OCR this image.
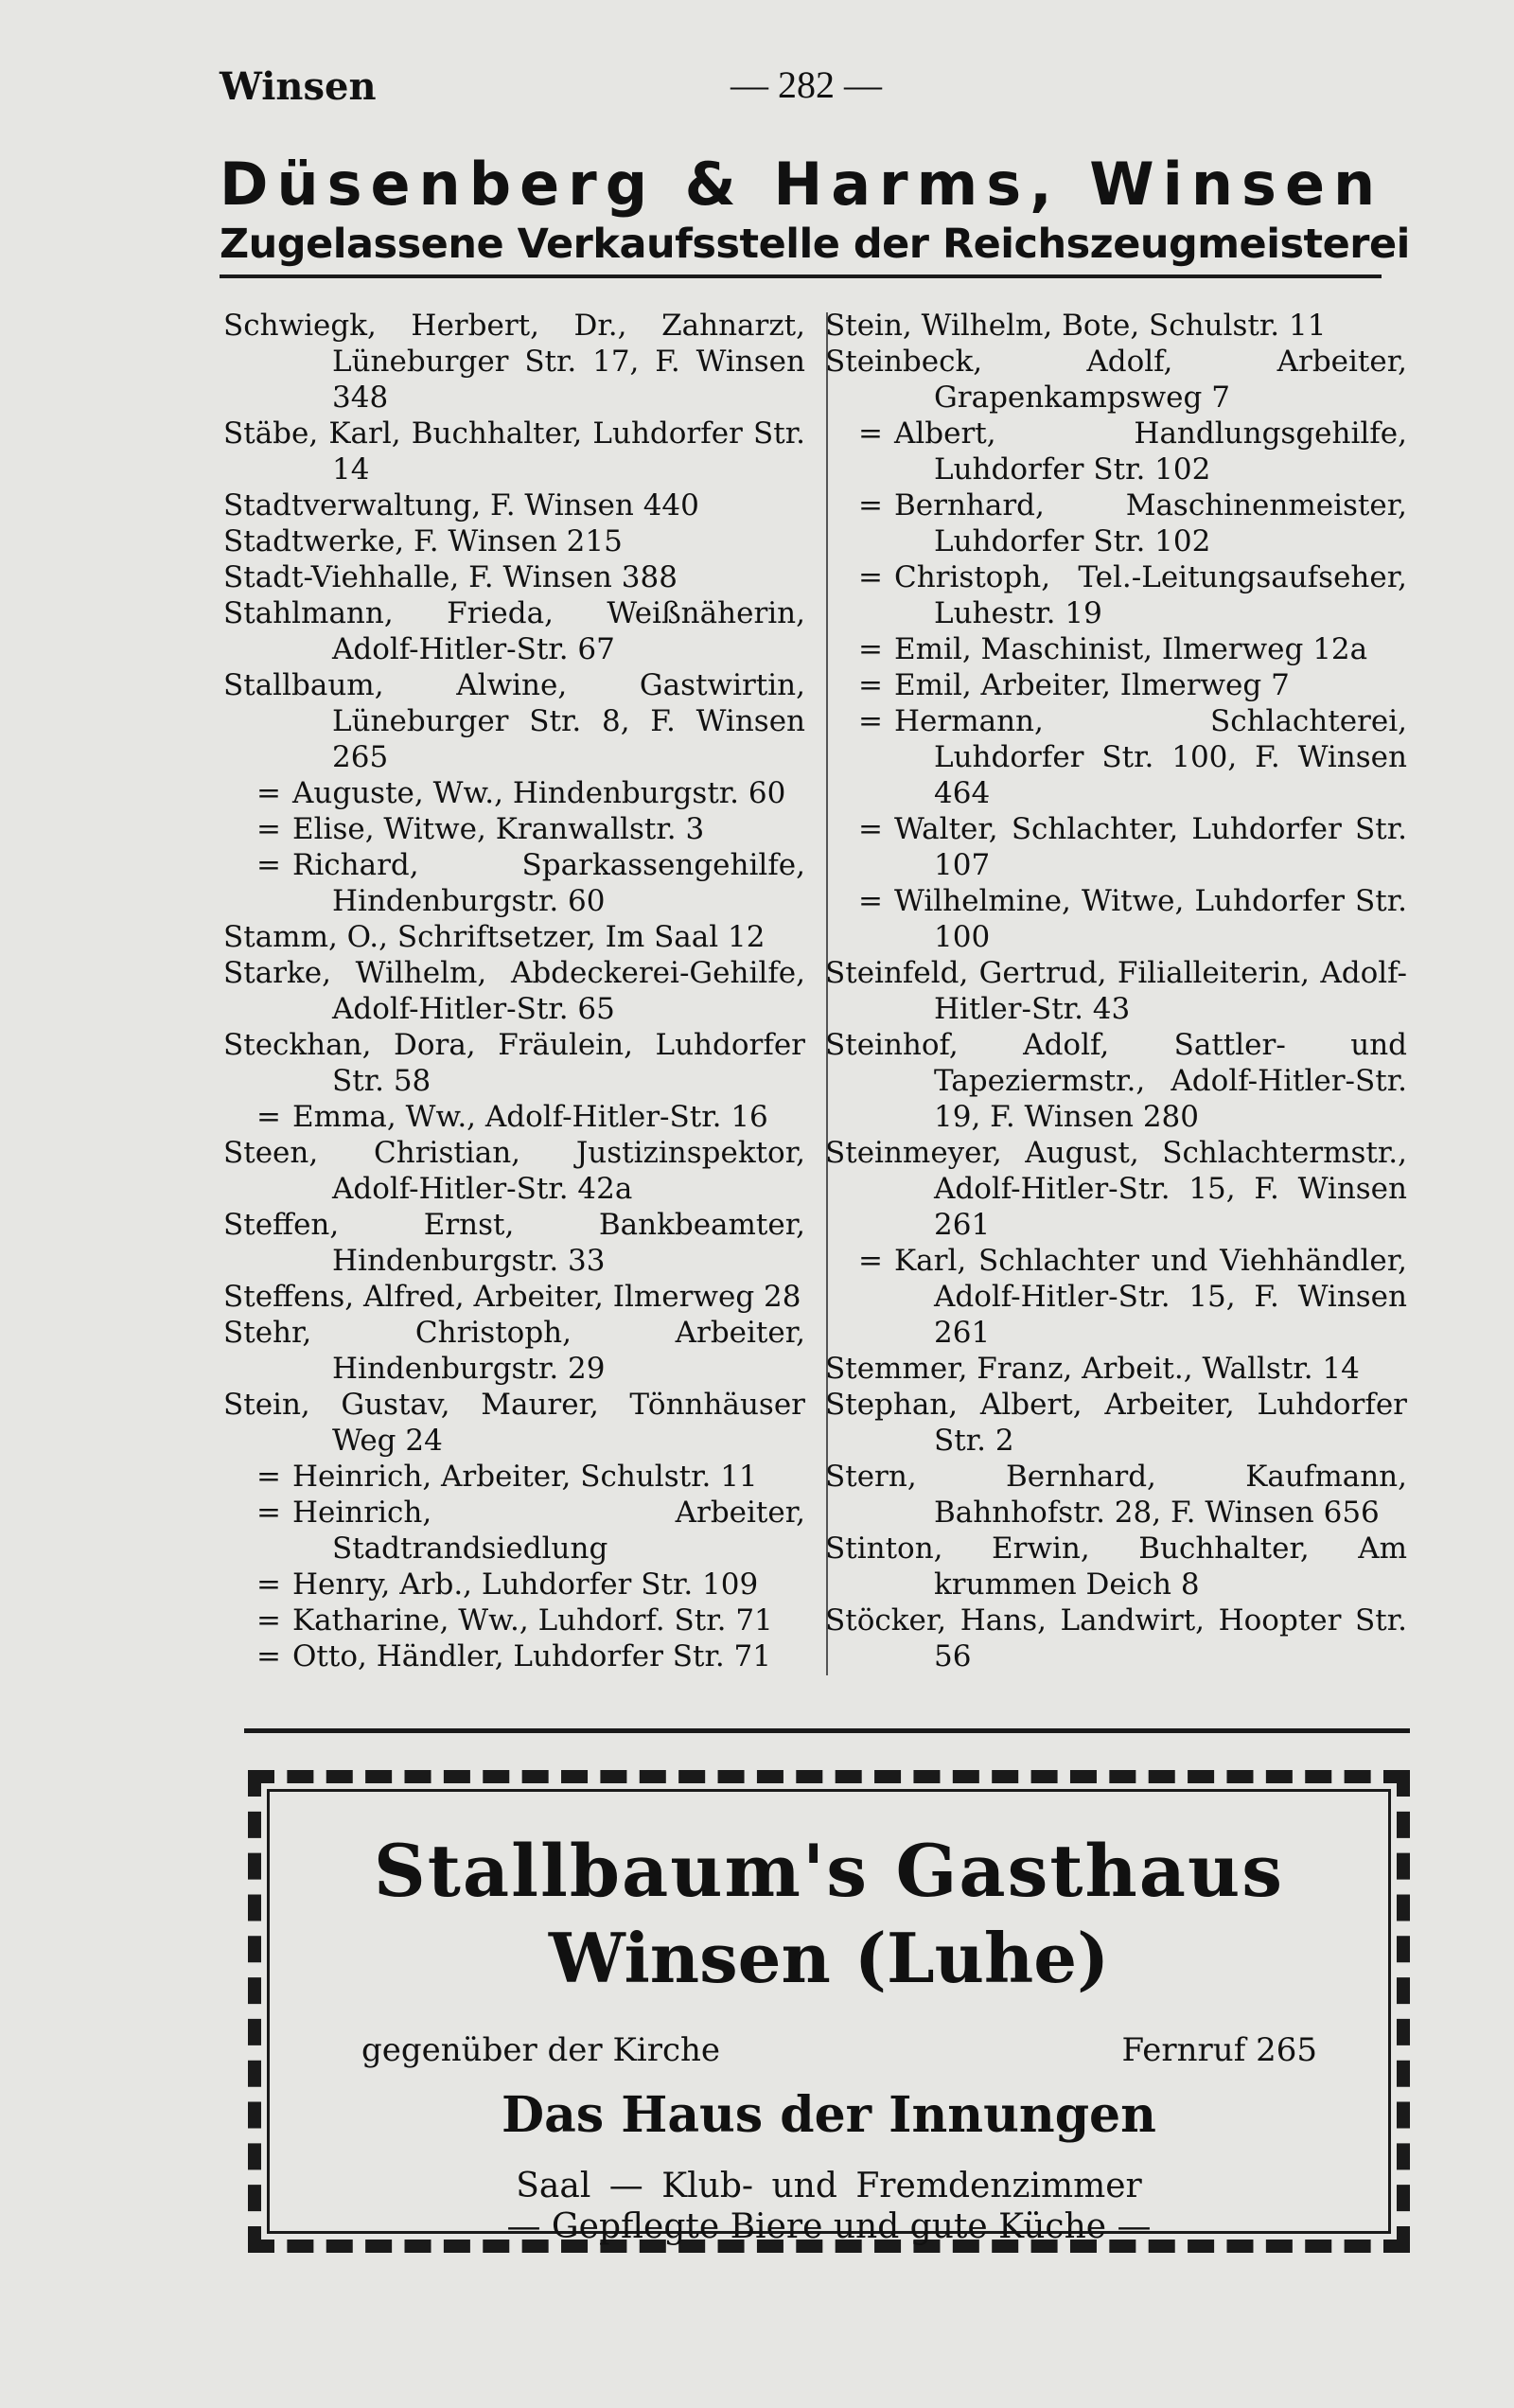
Winsen	— 282 —
Düsenberg & Harms, Winsen
Zugelassene Verkaufsstelle der Reichszeugmeisterei

Schwiegk, Herbert, Dr., Zahnarzt, Lüneburger Str. 17, F. Winsen 348

Stäbe, Karl, Buchhalter, Luhdorfer Str. 14

Stadtverwaltung, F. Winsen 440

Stadtwerke, F. Winsen 215

Stadt-Viehhalle, F. Winsen 388

Stahlmann, Frieda, Weißnäherin, Adolf-Hitler-Str. 67

Stallbaum, Alwine, Gastwirtin, Lüneburger Str. 8, F. Winsen 265

= Auguste, Ww., Hindenburgstr. 60

= Elise, Witwe, Kranwallstr. 3

= Richard, Sparkassengehilfe, Hindenburgstr. 60

Stamm, O., Schriftsetzer, Im Saal 12

Starke, Wilhelm, Abdeckerei-Gehilfe, Adolf-Hitler-Str. 65

Steckhan, Dora, Fräulein, Luhdorfer Str. 58

= Emma, Ww., Adolf-Hitler-Str. 16

Steen, Christian, Justizinspektor, Adolf-Hitler-Str. 42a

Steffen, Ernst, Bankbeamter, Hindenburgstr. 33

Steffens, Alfred, Arbeiter, Ilmerweg 28

Stehr, Christoph, Arbeiter, Hindenburgstr. 29

Stein, Gustav, Maurer, Tönnhäuser Weg 24

= Heinrich, Arbeiter, Schulstr. 11

= Heinrich, Arbeiter, Stadtrandsiedlung

= Henry, Arb., Luhdorfer Str. 109

= Katharine, Ww., Luhdorf. Str. 71

= Otto, Händler, Luhdorfer Str. 71

Stein, Wilhelm, Bote, Schulstr. 11

Steinbeck, Adolf, Arbeiter, Grapenkampsweg 7

= Albert, Handlungsgehilfe, Luhdorfer Str. 102

= Bernhard, Maschinenmeister, Luhdorfer Str. 102

= Christoph, Tel.-Leitungsaufseher, Luhestr. 19

= Emil, Maschinist, Ilmerweg 12a

= Emil, Arbeiter, Ilmerweg 7

= Hermann, Schlachterei, Luhdorfer Str. 100, F. Winsen 464

= Walter, Schlachter, Luhdorfer Str. 107

= Wilhelmine, Witwe, Luhdorfer Str. 100

Steinfeld, Gertrud, Filialleiterin, Adolf-Hitler-Str. 43

Steinhof, Adolf, Sattler- und Tapeziermstr., Adolf-Hitler-Str. 19, F. Winsen 280

Steinmeyer, August, Schlachtermstr., Adolf-Hitler-Str. 15, F. Winsen 261

= Karl, Schlachter und Viehhändler, Adolf-Hitler-Str. 15, F. Winsen 261

Stemmer, Franz, Arbeit., Wallstr. 14

Stephan, Albert, Arbeiter, Luhdorfer Str. 2

Stern, Bernhard, Kaufmann, Bahnhofstr. 28, F. Winsen 656

Stinton, Erwin, Buchhalter, Am krummen Deich 8

Stöcker, Hans, Landwirt, Hoopter Str. 56

Stallbaum's Gasthaus
Winsen (Luhe)
gegenüber der Kirche	Fernruf 265
Das Haus der Innungen
Saal — Klub- und Fremdenzimmer
— Gepflegte Biere und gute Küche —
